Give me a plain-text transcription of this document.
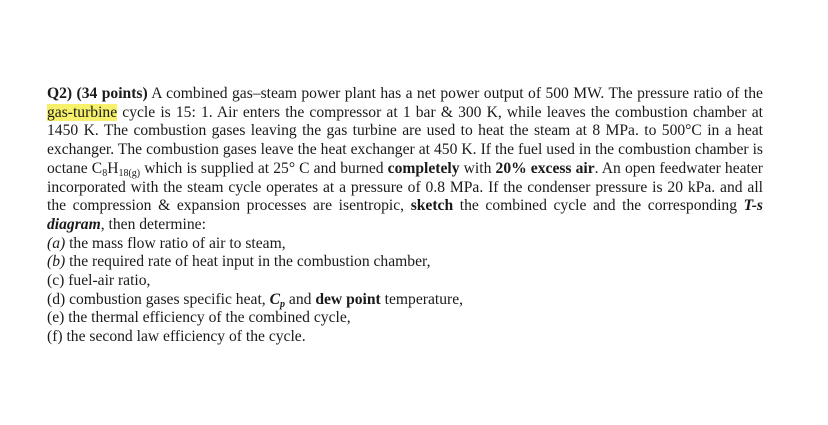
Q2) (34 points) A combined gas–steam power plant has a net power output of 500 MW. The pressure ratio of the gas-turbine cycle is 15: 1. Air enters the compressor at 1 bar & 300 K, while leaves the combustion chamber at 1450 K. The combustion gases leaving the gas turbine are used to heat the steam at 8 MPa. to 500°C in a heat exchanger. The combustion gases leave the heat exchanger at 450 K. If the fuel used in the combustion chamber is octane $C_8H_{18(g)}$ which is supplied at 25° C and burned completely with 20% excess air. An open feedwater heater incorporated with the steam cycle operates at a pressure of 0.8 MPa. If the condenser pressure is 20 kPa. and all the compression & expansion processes are isentropic, sketch the combined cycle and the corresponding T-s diagram, then determine:

(a) the mass flow ratio of air to steam,
(b) the required rate of heat input in the combustion chamber,
(c) fuel-air ratio,
(d) combustion gases specific heat, $C_p$ and dew point temperature,
(e) the thermal efficiency of the combined cycle,
(f) the second law efficiency of the cycle.
